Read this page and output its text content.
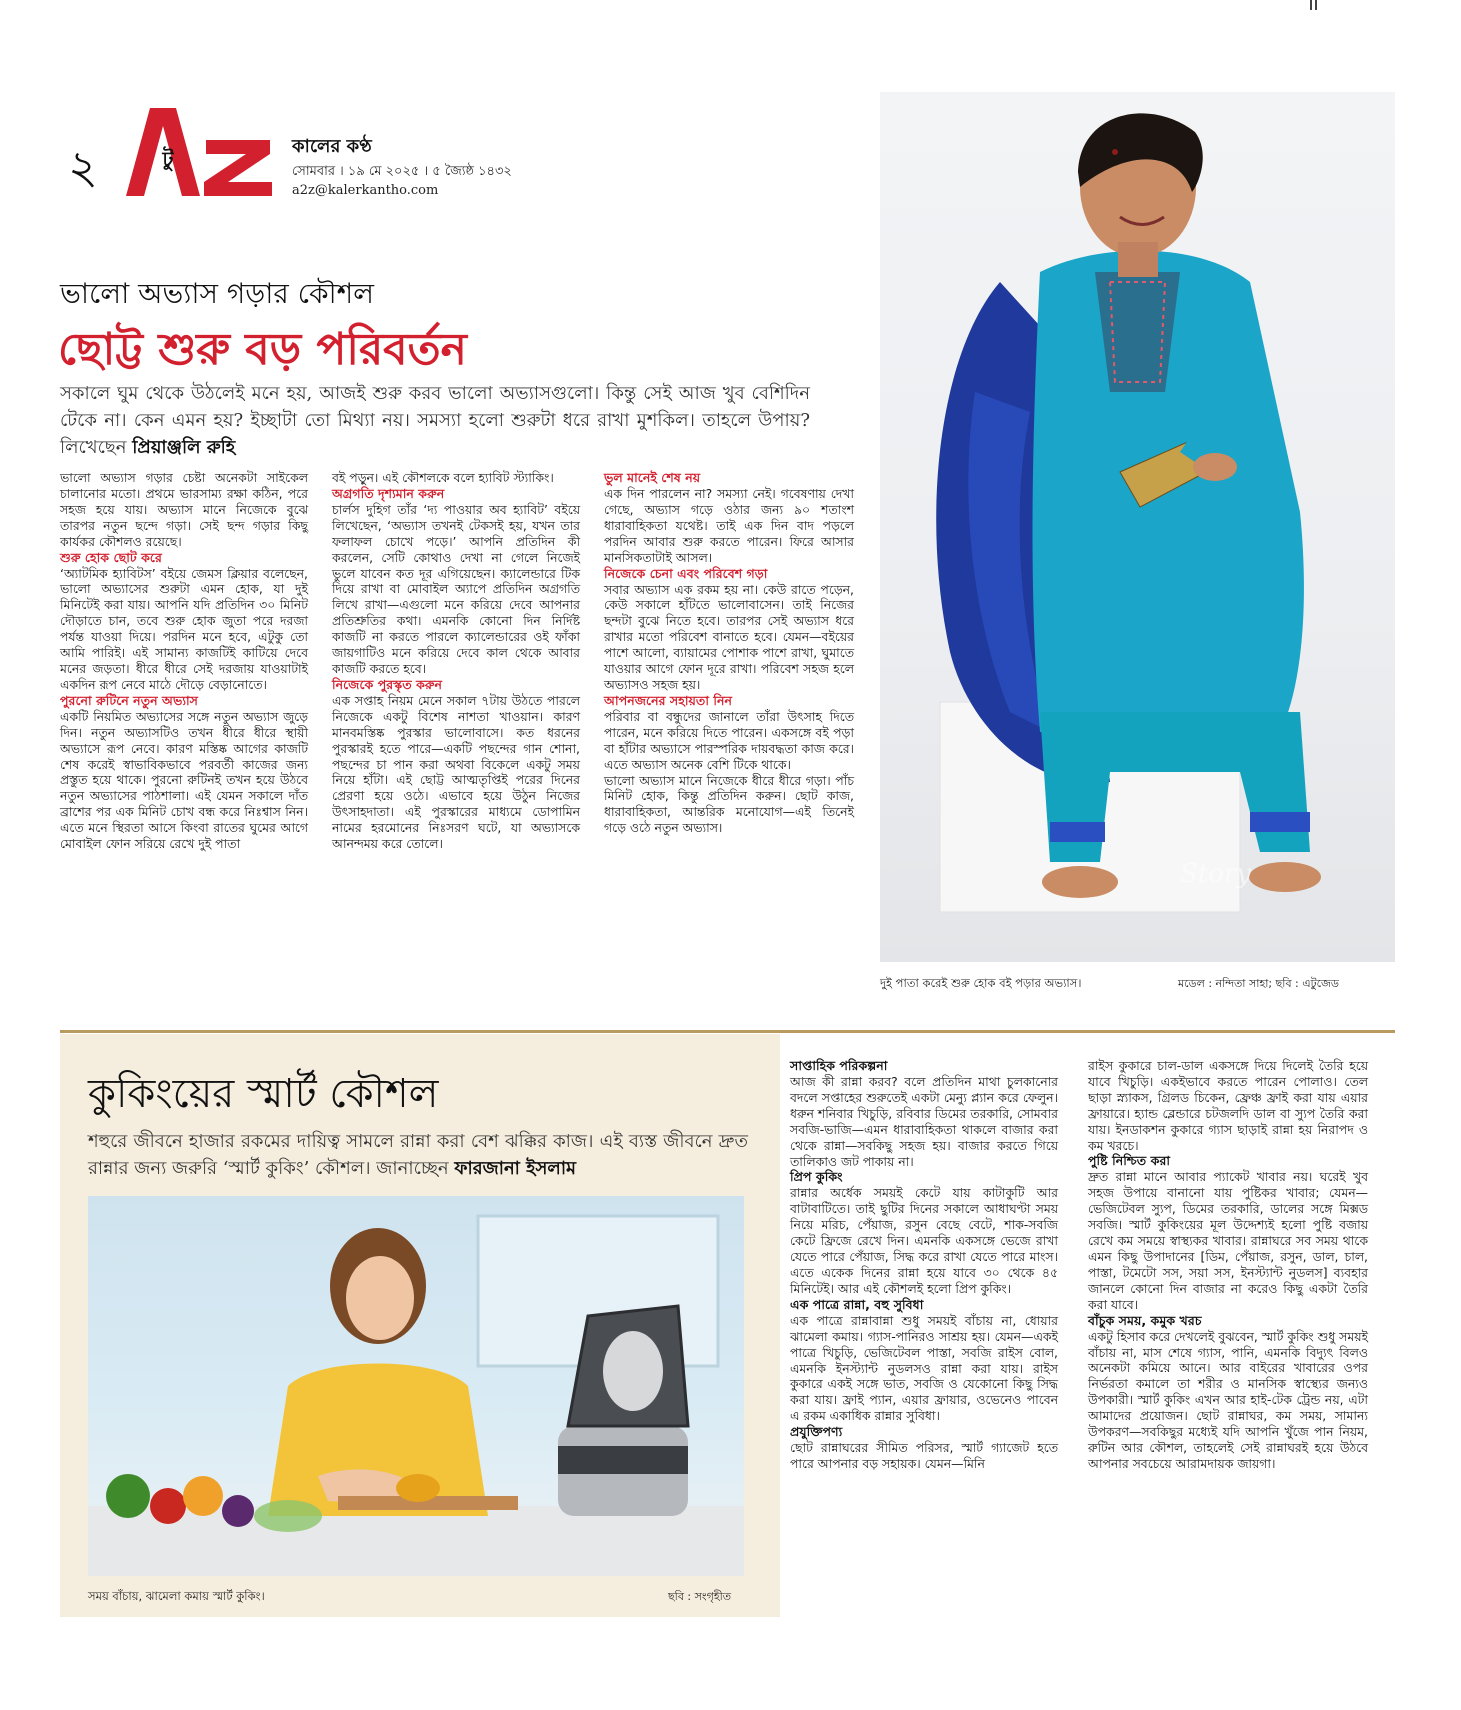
২	টু
কালের কণ্ঠ
সোমবার । ১৯ মে ২০২৫ । ৫ জ্যৈষ্ঠ ১৪৩২
a2z@kalerkantho.com
ভালো অভ্যাস গড়ার কৌশল
ছোট্ট শুরু বড় পরিবর্তন
সকালে ঘুম থেকে উঠলেই মনে হয়, আজই শুরু করব ভালো অভ্যাসগুলো। কিন্তু সেই আজ খুব বেশিদিন টেকে না। কেন এমন হয়? ইচ্ছাটা তো মিথ্যা নয়। সমস্যা হলো শুরুটা ধরে রাখা মুশকিল। তাহলে উপায়? লিখেছেন প্রিয়াঞ্জলি রুহি

ভালো অভ্যাস গড়ার চেষ্টা অনেকটা সাইকেল চালানোর মতো। প্রথমে ভারসাম্য রক্ষা কঠিন, পরে সহজ হয়ে যায়। অভ্যাস মানে নিজেকে বুঝে তারপর নতুন ছন্দে গড়া। সেই ছন্দ গড়ার কিছু কার্যকর কৌশলও রয়েছে।

শুরু হোক ছোট করে

‘অ্যাটমিক হ্যাবিটস’ বইয়ে জেমস ক্লিয়ার বলেছেন, ভালো অভ্যাসের শুরুটা এমন হোক, যা দুই মিনিটেই করা যায়। আপনি যদি প্রতিদিন ৩০ মিনিট দৌড়াতে চান, তবে শুরু হোক জুতা পরে দরজা পর্যন্ত যাওয়া দিয়ে। পরদিন মনে হবে, এটুকু তো আমি পারিই। এই সামান্য কাজটিই কাটিয়ে দেবে মনের জড়তা। ধীরে ধীরে সেই দরজায় যাওয়াটাই একদিন রূপ নেবে মাঠে দৌড়ে বেড়ানোতে।

পুরনো রুটিনে নতুন অভ্যাস

একটি নিয়মিত অভ্যাসের সঙ্গে নতুন অভ্যাস জুড়ে দিন। নতুন অভ্যাসটিও তখন ধীরে ধীরে স্থায়ী অভ্যাসে রূপ নেবে। কারণ মস্তিষ্ক আগের কাজটি শেষ করেই স্বাভাবিকভাবে পরবর্তী কাজের জন্য প্রস্তুত হয়ে থাকে। পুরনো রুটিনই তখন হয়ে উঠবে নতুন অভ্যাসের পাঠশালা। এই যেমন সকালে দাঁত ব্রাশের পর এক মিনিট চোখ বন্ধ করে নিঃশ্বাস নিন। এতে মনে স্থিরতা আসে কিংবা রাতের ঘুমের আগে মোবাইল ফোন সরিয়ে রেখে দুই পাতা

বই পড়ুন। এই কৌশলকে বলে হ্যাবিট স্ট্যাকিং।

অগ্রগতি দৃশ্যমান করুন

চার্লস দুহিগ তাঁর ‘দ্য পাওয়ার অব হ্যাবিট’ বইয়ে লিখেছেন, ‘অভ্যাস তখনই টেকসই হয়, যখন তার ফলাফল চোখে পড়ে।’ আপনি প্রতিদিন কী করলেন, সেটি কোথাও দেখা না গেলে নিজেই ভুলে যাবেন কত দূর এগিয়েছেন। ক্যালেন্ডারে টিক দিয়ে রাখা বা মোবাইল অ্যাপে প্রতিদিন অগ্রগতি লিখে রাখা—এগুলো মনে করিয়ে দেবে আপনার প্রতিশ্রুতির কথা। এমনকি কোনো দিন নির্দিষ্ট কাজটি না করতে পারলে ক্যালেন্ডারের ওই ফাঁকা জায়গাটিও মনে করিয়ে দেবে কাল থেকে আবার কাজটি করতে হবে।

নিজেকে পুরস্কৃত করুন

এক সপ্তাহ নিয়ম মেনে সকাল ৭টায় উঠতে পারলে নিজেকে একটু বিশেষ নাশতা খাওয়ান। কারণ মানবমস্তিষ্ক পুরস্কার ভালোবাসে। কত ধরনের পুরস্কারই হতে পারে—একটি পছন্দের গান শোনা, পছন্দের চা পান করা অথবা বিকেলে একটু সময় নিয়ে হাঁটা। এই ছোট্ট আত্মতৃপ্তিই পরের দিনের প্রেরণা হয়ে ওঠে। এভাবে হয়ে উঠুন নিজের উৎসাহদাতা। এই পুরস্কারের মাধ্যমে ডোপামিন নামের হরমোনের নিঃসরণ ঘটে, যা অভ্যাসকে আনন্দময় করে তোলে।

ভুল মানেই শেষ নয়

এক দিন পারলেন না? সমস্যা নেই। গবেষণায় দেখা গেছে, অভ্যাস গড়ে ওঠার জন্য ৯০ শতাংশ ধারাবাহিকতা যথেষ্ট। তাই এক দিন বাদ পড়লে পরদিন আবার শুরু করতে পারেন। ফিরে আসার মানসিকতাটাই আসল।

নিজেকে চেনা এবং পরিবেশ গড়া

সবার অভ্যাস এক রকম হয় না। কেউ রাতে পড়েন, কেউ সকালে হাঁটতে ভালোবাসেন। তাই নিজের ছন্দটা বুঝে নিতে হবে। তারপর সেই অভ্যাস ধরে রাখার মতো পরিবেশ বানাতে হবে। যেমন—বইয়ের পাশে আলো, ব্যায়ামের পোশাক পাশে রাখা, ঘুমাতে যাওয়ার আগে ফোন দূরে রাখা। পরিবেশ সহজ হলে অভ্যাসও সহজ হয়।

আপনজনের সহায়তা নিন

পরিবার বা বন্ধুদের জানালে তাঁরা উৎসাহ দিতে পারেন, মনে করিয়ে দিতে পারেন। একসঙ্গে বই পড়া বা হাঁটার অভ্যাসে পারস্পরিক দায়বদ্ধতা কাজ করে। এতে অভ্যাস অনেক বেশি টিকে থাকে।

ভালো অভ্যাস মানে নিজেকে ধীরে ধীরে গড়া। পাঁচ মিনিট হোক, কিন্তু প্রতিদিন করুন। ছোট কাজ, ধারাবাহিকতা, আন্তরিক মনোযোগ—এই তিনেই গড়ে ওঠে নতুন অভ্যাস।

Story
দুই পাতা করেই শুরু হোক বই পড়ার অভ্যাস।	মডেল : নন্দিতা সাহা; ছবি : এটুজেড
কুকিংয়ের স্মার্ট কৌশল
শহুরে জীবনে হাজার রকমের দায়িত্ব সামলে রান্না করা বেশ ঝক্কির কাজ। এই ব্যস্ত জীবনে দ্রুত রান্নার জন্য জরুরি ‘স্মার্ট কুকিং’ কৌশল। জানাচ্ছেন ফারজানা ইসলাম
সময় বাঁচায়, ঝামেলা কমায় স্মার্ট কুকিং।	ছবি : সংগৃহীত

সাপ্তাহিক পরিকল্পনা

আজ কী রান্না করব? বলে প্রতিদিন মাথা চুলকানোর বদলে সপ্তাহের শুরুতেই একটা মেন্যু প্ল্যান করে ফেলুন। ধরুন শনিবার খিচুড়ি, রবিবার ডিমের তরকারি, সোমবার সবজি-ভাজি—এমন ধারাবাহিকতা থাকলে বাজার করা থেকে রান্না—সবকিছু সহজ হয়। বাজার করতে গিয়ে তালিকাও জট পাকায় না।

প্রিপ কুকিং

রান্নার অর্ধেক সময়ই কেটে যায় কাটাকুটি আর বাটাবাটিতে। তাই ছুটির দিনের সকালে আধাঘণ্টা সময় নিয়ে মরিচ, পেঁয়াজ, রসুন বেছে বেটে, শাক-সবজি কেটে ফ্রিজে রেখে দিন। এমনকি একসঙ্গে ভেজে রাখা যেতে পারে পেঁয়াজ, সিদ্ধ করে রাখা যেতে পারে মাংস। এতে একেক দিনের রান্না হয়ে যাবে ৩০ থেকে ৪৫ মিনিটেই। আর এই কৌশলই হলো প্রিপ কুকিং।

এক পাত্রে রান্না, বহু সুবিধা

এক পাত্রে রান্নাবান্না শুধু সময়ই বাঁচায় না, ধোয়ার ঝামেলা কমায়। গ্যাস-পানিরও সাশ্রয় হয়। যেমন—একই পাত্রে খিচুড়ি, ভেজিটেবল পাস্তা, সবজি রাইস বোল, এমনকি ইনস্ট্যান্ট নুডলসও রান্না করা যায়। রাইস কুকারে একই সঙ্গে ভাত, সবজি ও যেকোনো কিছু সিদ্ধ করা যায়। ফ্রাই প্যান, এয়ার ফ্রায়ার, ওভেনেও পাবেন এ রকম একাধিক রান্নার সুবিধা।

প্রযুক্তিপণ্য

ছোট রান্নাঘরের সীমিত পরিসর, স্মার্ট গ্যাজেট হতে পারে আপনার বড় সহায়ক। যেমন—মিনি

রাইস কুকারে চাল-ডাল একসঙ্গে দিয়ে দিলেই তৈরি হয়ে যাবে খিচুড়ি। একইভাবে করতে পারেন পোলাও। তেল ছাড়া স্ন্যাকস, গ্রিলড চিকেন, ফ্রেঞ্চ ফ্রাই করা যায় এয়ার ফ্রায়ারে। হ্যান্ড ব্লেন্ডারে চটজলদি ডাল বা স্যুপ তৈরি করা যায়। ইনডাকশন কুকারে গ্যাস ছাড়াই রান্না হয় নিরাপদ ও কম খরচে।

পুষ্টি নিশ্চিত করা

দ্রুত রান্না মানে আবার প্যাকেট খাবার নয়। ঘরেই খুব সহজ উপায়ে বানানো যায় পুষ্টিকর খাবার; যেমন—ভেজিটেবল স্যুপ, ডিমের তরকারি, ডালের সঙ্গে মিক্সড সবজি। স্মার্ট কুকিংয়ের মূল উদ্দেশ্যই হলো পুষ্টি বজায় রেখে কম সময়ে স্বাস্থ্যকর খাবার। রান্নাঘরে সব সময় থাকে এমন কিছু উপাদানের [ডিম, পেঁয়াজ, রসুন, ডাল, চাল, পাস্তা, টমেটো সস, সয়া সস, ইনস্ট্যান্ট নুডলস] ব্যবহার জানলে কোনো দিন বাজার না করেও কিছু একটা তৈরি করা যাবে।

বাঁচুক সময়, কমুক খরচ

একটু হিসাব করে দেখলেই বুঝবেন, স্মার্ট কুকিং শুধু সময়ই বাঁচায় না, মাস শেষে গ্যাস, পানি, এমনকি বিদ্যুৎ বিলও অনেকটা কমিয়ে আনে। আর বাইরের খাবারের ওপর নির্ভরতা কমালে তা শরীর ও মানসিক স্বাস্থ্যের জন্যও উপকারী। স্মার্ট কুকিং এখন আর হাই-টেক ট্রেন্ড নয়, এটা আমাদের প্রয়োজন। ছোট রান্নাঘর, কম সময়, সামান্য উপকরণ—সবকিছুর মধ্যেই যদি আপনি খুঁজে পান নিয়ম, রুটিন আর কৌশল, তাহলেই সেই রান্নাঘরই হয়ে উঠবে আপনার সবচেয়ে আরামদায়ক জায়গা।
